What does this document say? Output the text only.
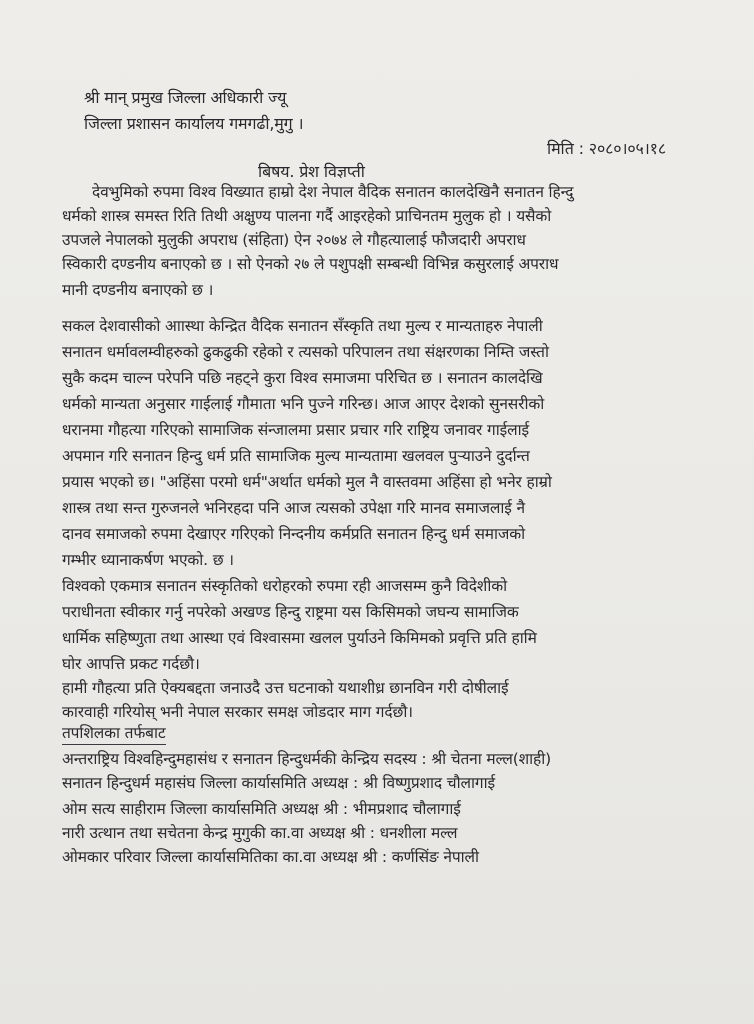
श्री मान् प्रमुख जिल्ला अधिकारी ज्यू
जिल्ला प्रशासन कार्यालय गमगढी,मुगु ।
मिति : २०८०।०५।१८
बिषय. प्रेश विज्ञप्ती
देवभुमिको रुपमा विश्व विख्यात हाम्रो देश नेपाल वैदिक सनातन कालदेखिनै सनातन हिन्दु
धर्मको शास्त्र समस्त रिति तिथी अक्षुण्य पालना गर्दै आइरहेको प्राचिनतम मुलुक हो । यसैको
उपजले नेपालको मुलुकी अपराध (संहिता) ऐन २०७४ ले गौहत्यालाई फौजदारी अपराध
स्विकारी दण्डनीय बनाएको छ । सो ऐनको २७ ले पशुपक्षी सम्बन्धी विभिन्न कसुरलाई अपराध
मानी दण्डनीय बनाएको छ ।
सकल देशवासीको आास्था केन्द्रित वैदिक सनातन सँस्कृति तथा मुल्य र मान्यताहरु नेपाली
सनातन धर्मावलम्वीहरुको ढुकढुकी रहेको र त्यसको परिपालन तथा संक्षरणका निम्ति जस्तो
सुकै कदम चाल्न परेपनि पछि नहट्ने कुरा विश्व समाजमा परिचित छ । सनातन कालदेखि
धर्मको मान्यता अनुसार गाईलाई गौमाता भनि पुज्ने गरिन्छ। आज आएर देशको सुनसरीको
धरानमा गौहत्या गरिएको सामाजिक संन्जालमा प्रसार प्रचार गरि राष्ट्रिय जनावर गाईलाई
अपमान गरि सनातन हिन्दु धर्म प्रति सामाजिक मुल्य मान्यतामा खलवल पुर्‍याउने दुर्दान्त
प्रयास भएको छ। "अहिंसा परमो धर्म"अर्थात धर्मको मुल नै वास्तवमा अहिंसा हो भनेर हाम्रो
शास्त्र तथा सन्त गुरुजनले भनिरहदा पनि आज त्यसको उपेक्षा गरि मानव समाजलाई नै
दानव समाजको रुपमा देखाएर गरिएको निन्दनीय कर्मप्रति सनातन हिन्दु धर्म समाजको
गम्भीर ध्यानाकर्षण भएको. छ ।
विश्वको एकमात्र सनातन संस्कृतिको धरोहरको रुपमा रही आजसम्म कुनै विदेशीको
पराधीनता स्वीकार गर्नु नपरेको अखण्ड हिन्दु राष्ट्रमा यस किसिमको जघन्य सामाजिक
धार्मिक सहिष्णुता तथा आस्था एवं विश्वासमा खलल पुर्याउने किमिमको प्रवृत्ति प्रति हामि
घोर आपत्ति प्रकट गर्दछौ।
हामी गौहत्या प्रति ऐक्यबद्दता जनाउदै उत्त घटनाको यथाशीध्र छानविन गरी दोषीलाई
कारवाही गरियोस् भनी नेपाल सरकार समक्ष जोडदार माग गर्दछौ।
तपशिलका तर्फबाट
अन्तराष्ट्रिय विश्वहिन्दुमहासंध र सनातन हिन्दुधर्मकी केन्द्रिय सदस्य : श्री चेतना मल्ल(शाही)
सनातन हिन्दुधर्म महासंघ जिल्ला कार्यासमिति अध्यक्ष : श्री विष्णुप्रशाद चौलागाई
ओम सत्य साहीराम जिल्ला कार्यासमिति अध्यक्ष श्री : भीमप्रशाद चौलागाई
नारी उत्थान तथा सचेतना केन्द्र मुगुकी का.वा अध्यक्ष श्री : धनशीला मल्ल
ओमकार परिवार जिल्ला कार्यासमितिका का.वा अध्यक्ष श्री : कर्णसिंङ नेपाली
